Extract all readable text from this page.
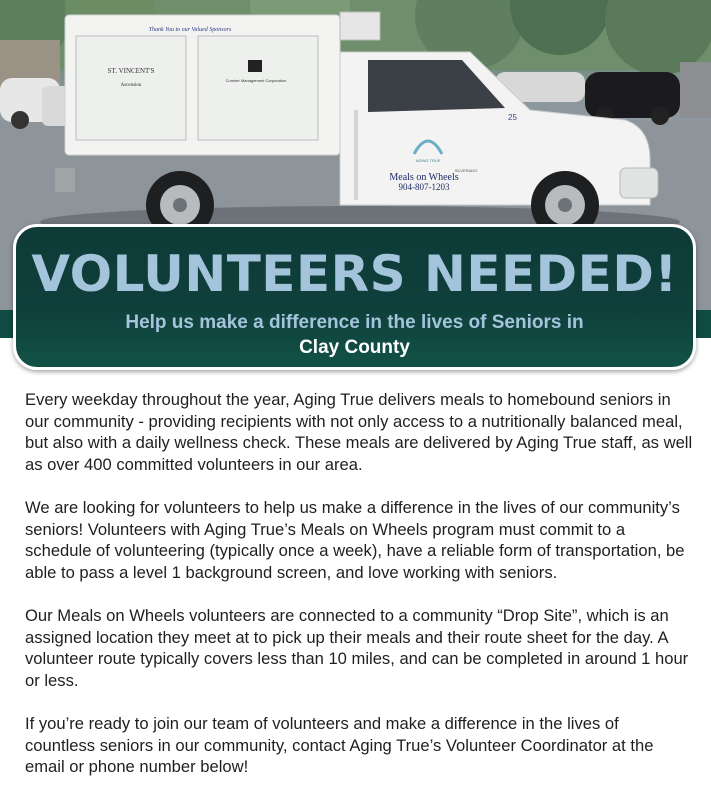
Thank You to our Valued Sponsors
ST. VINCENT'S
Ascension
Cumber Management Corporation
25
AGING TRUE
Meals on Wheels
904-807-1203
SILVERADO
VOLUNTEERS NEEDED!
Help us make a difference in the lives of Seniors in
Clay County

Every weekday throughout the year, Aging True delivers meals to homebound seniors in our community - providing recipients with not only access to a nutritionally balanced meal, but also with a daily wellness check. These meals are delivered by Aging True staff, as well as over 400 committed volunteers in our area.

We are looking for volunteers to help us make a difference in the lives of our community’s seniors! Volunteers with Aging True’s Meals on Wheels program must commit to a schedule of volunteering (typically once a week), have a reliable form of transportation, be able to pass a level 1 background screen, and love working with seniors.

Our Meals on Wheels volunteers are connected to a community “Drop Site”, which is an assigned location they meet at to pick up their meals and their route sheet for the day. A volunteer route typically covers less than 10 miles, and can be completed in around 1 hour or less.

If you’re ready to join our team of volunteers and make a difference in the lives of countless seniors in our community, contact Aging True’s Volunteer Coordinator at the email or phone number below!
